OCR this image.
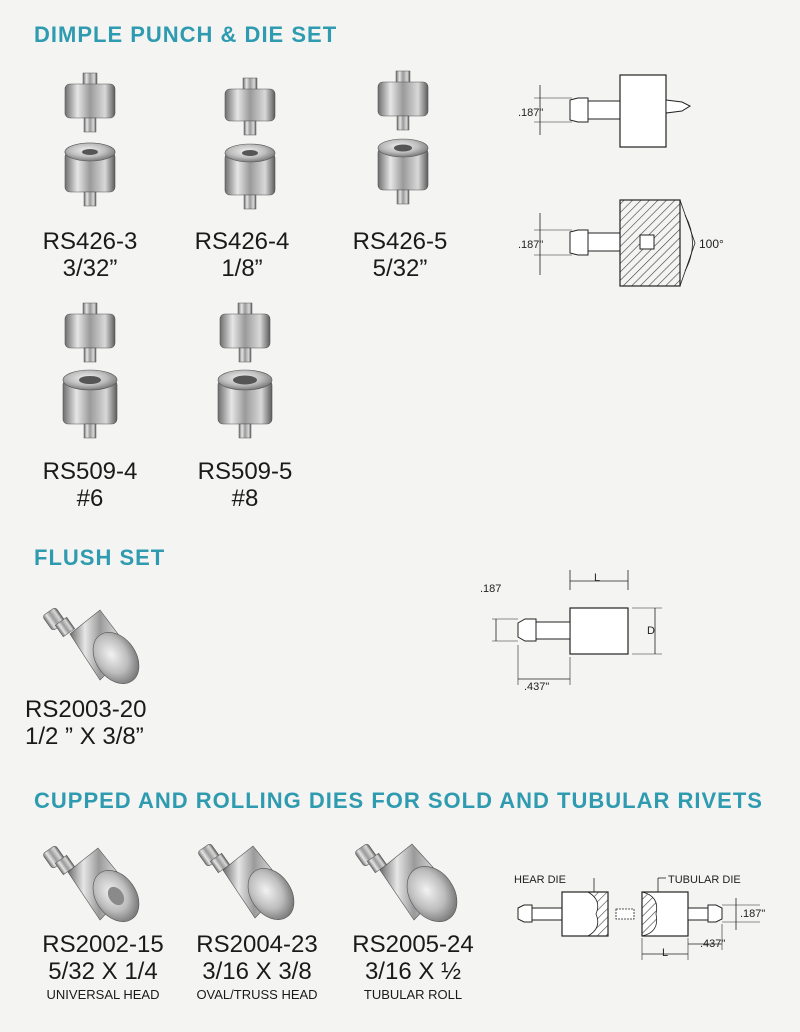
DIMPLE PUNCH & DIE SET
FLUSH SET
CUPPED AND ROLLING DIES FOR SOLD AND TUBULAR RIVETS
RS426-3
3/32”
RS426-4
1/8”
RS426-5
5/32”
RS509-4
#6
RS509-5
#8
.187"
.187"	100°
RS2003-20
1/2 ” X 3/8”
.187
L
D
.437"
RS2002-15
5/32 X 1/4
UNIVERSAL HEAD
RS2004-23
3/16 X 3/8
OVAL/TRUSS HEAD
RS2005-24
3/16 X ½
TUBULAR ROLL
HEAR DIE	TUBULAR DIE
.187"
L
.437"
